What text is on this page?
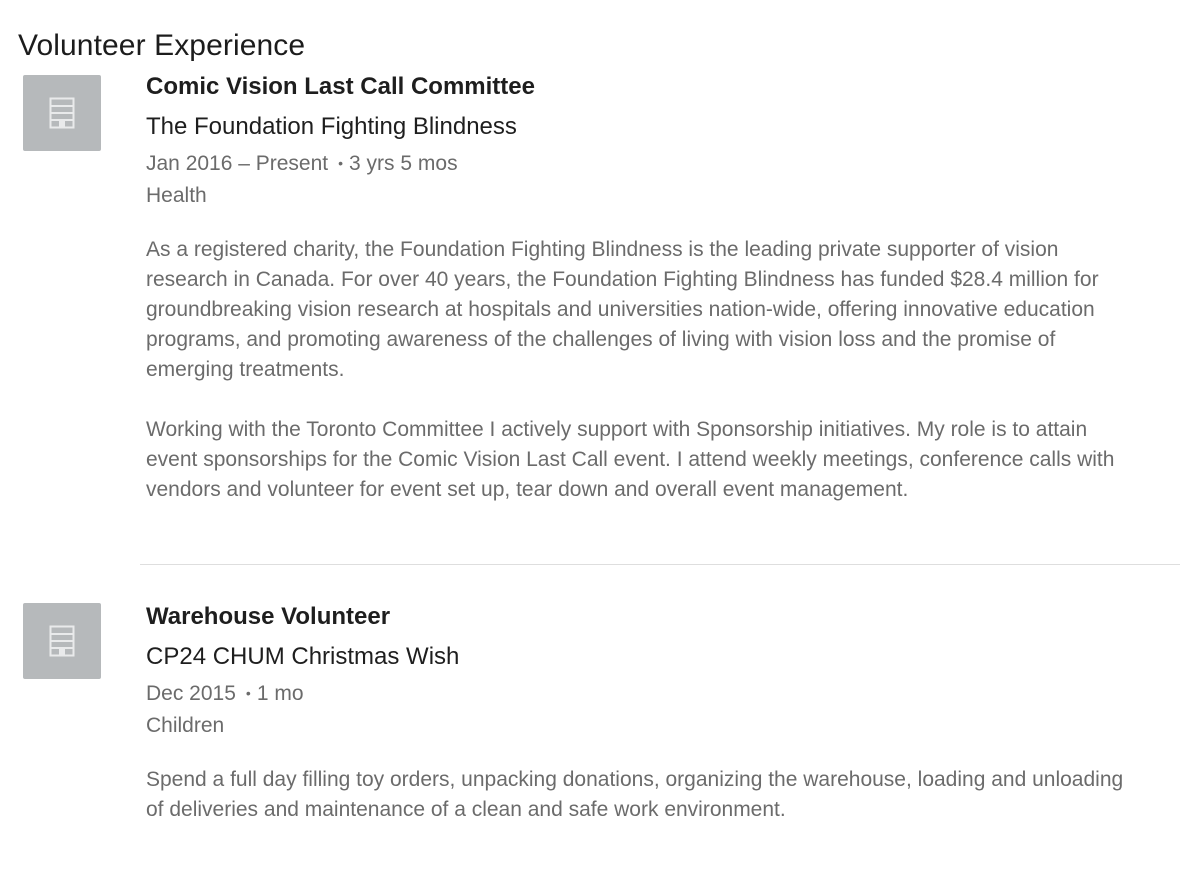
Volunteer Experience
Comic Vision Last Call Committee
The Foundation Fighting Blindness
Jan 2016 – Present • 3 yrs 5 mos
Health

As a registered charity, the Foundation Fighting Blindness is the leading private supporter of vision research in Canada. For over 40 years, the Foundation Fighting Blindness has funded $28.4 million for groundbreaking vision research at hospitals and universities nation-wide, offering innovative education programs, and promoting awareness of the challenges of living with vision loss and the promise of emerging treatments.

Working with the Toronto Committee I actively support with Sponsorship initiatives. My role is to attain event sponsorships for the Comic Vision Last Call event. I attend weekly meetings, conference calls with vendors and volunteer for event set up, tear down and overall event management.

Warehouse Volunteer
CP24 CHUM Christmas Wish
Dec 2015 • 1 mo
Children

Spend a full day filling toy orders, unpacking donations, organizing the warehouse, loading and unloading of deliveries and maintenance of a clean and safe work environment.
